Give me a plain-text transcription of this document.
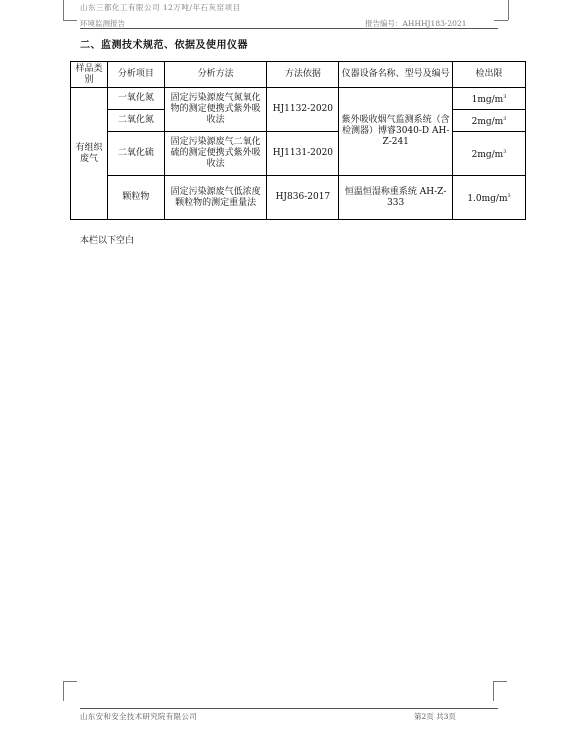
山东三都化工有限公司 12万吨/年石灰窑项目
环境监测报告	报告编号：AHHHJ183-2021
二、监测技术规范、依据及使用仪器
样品类别	分析项目	分析方法	方法依据	仪器设备名称、型号及编号	检出限
有组织废气	一氧化氮	固定污染源废气氮氧化物的测定便携式紫外吸收法	HJ1132-2020	紫外吸收烟气监测系统（含检测器）博睿3040-D AH-Z-241	$1mg/m^3$
	二氧化氮				$2mg/m^3$
	二氧化硫	固定污染源废气二氧化硫的测定便携式紫外吸收法	HJ1131-2020		$2mg/m^3$
	颗粒物	固定污染源废气低浓度颗粒物的测定重量法	HJ836-2017	恒温恒湿称重系统 AH-Z-333	$1.0mg/m^3$
本栏以下空白
山东安和安全技术研究院有限公司	第2页 共3页
